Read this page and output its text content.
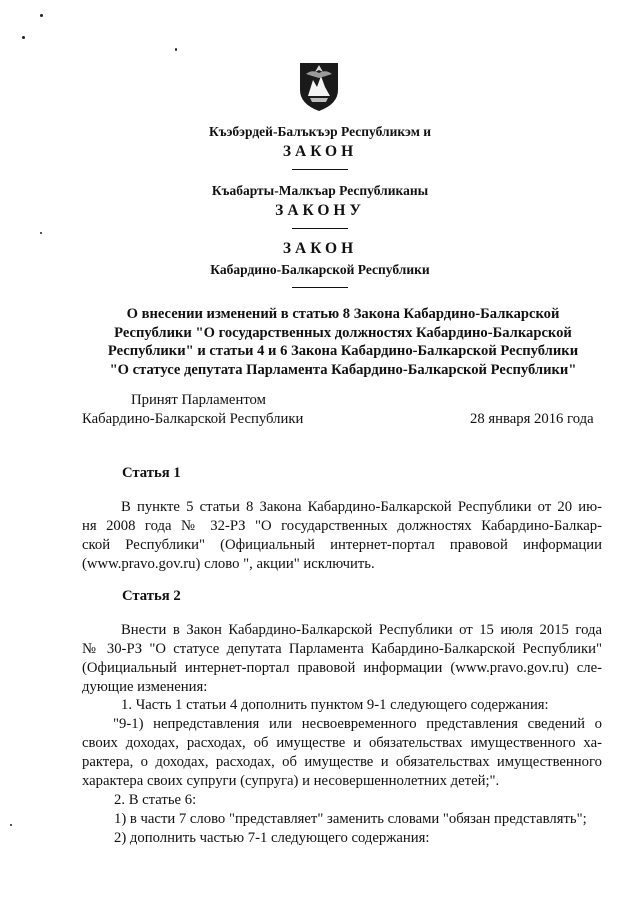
Къэбэрдей-Балъкъэр Республикэм и
ЗАКОН
Къабарты-Малкъар Республиканы
ЗАКОНУ
ЗАКОН
Кабардино-Балкарской Республики
О внесении изменений в статью 8 Закона Кабардино-Балкарской
Республики "О государственных должностях Кабардино-Балкарской
Республики" и статьи 4 и 6 Закона Кабардино-Балкарской Республики
"О статусе депутата Парламента Кабардино-Балкарской Республики"
Принят Парламентом
Кабардино-Балкарской Республики	28 января 2016 года
Статья 1
В пункте 5 статьи 8 Закона Кабардино-Балкарской Республики от 20 ию-
ня 2008 года № 32-РЗ "О государственных должностях Кабардино-Балкар-
ской Республики" (Официальный интернет-портал правовой информации
(www.pravo.gov.ru) слово ", акции" исключить.
Статья 2
Внести в Закон Кабардино-Балкарской Республики от 15 июля 2015 года
№ 30-РЗ "О статусе депутата Парламента Кабардино-Балкарской Республики"
(Официальный интернет-портал правовой информации (www.pravo.gov.ru) сле-
дующие изменения:
1. Часть 1 статьи 4 дополнить пунктом 9-1 следующего содержания:
"9-1) непредставления или несвоевременного представления сведений о
своих доходах, расходах, об имуществе и обязательствах имущественного ха-
рактера, о доходах, расходах, об имуществе и обязательствах имущественного
характера своих супруги (супруга) и несовершеннолетних детей;".
2. В статье 6:
1) в части 7 слово "представляет" заменить словами "обязан представлять";
2) дополнить частью 7-1 следующего содержания:
